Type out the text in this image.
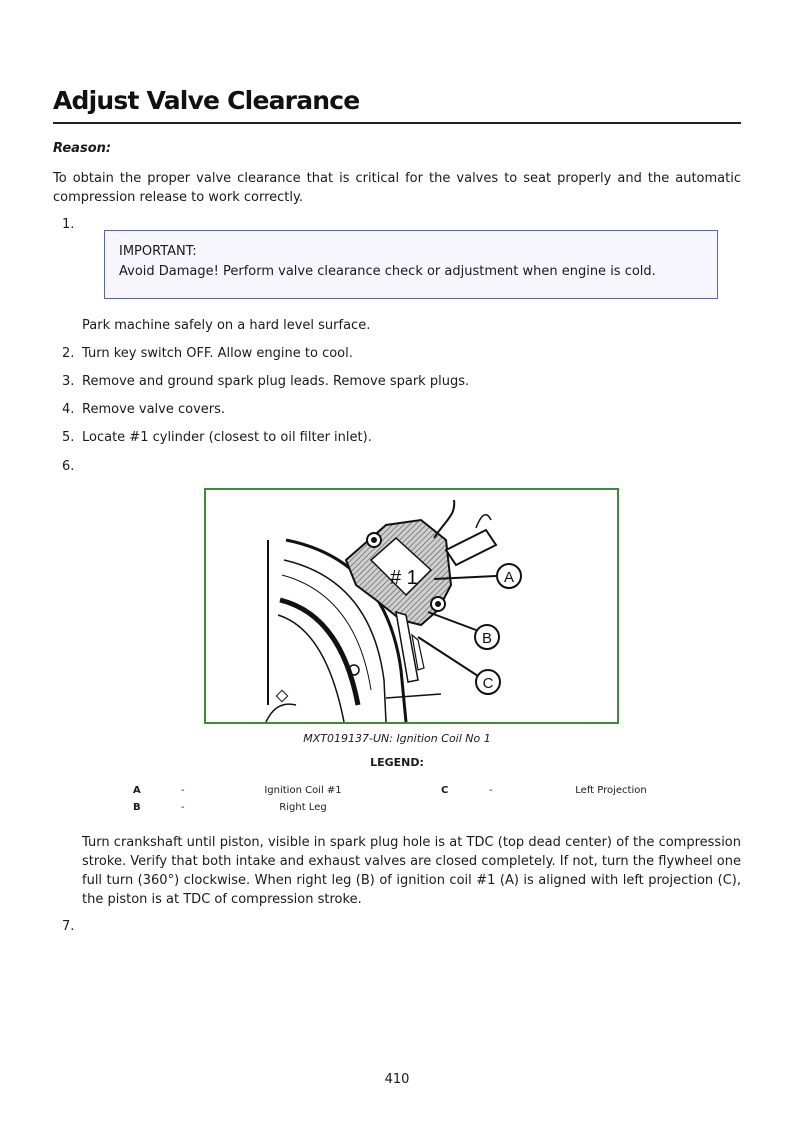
Adjust Valve Clearance
Reason:

To obtain the proper valve clearance that is critical for the valves to seat properly and the automatic compression release to work correctly.

1.
IMPORTANT:
Avoid Damage! Perform valve clearance check or adjustment when engine is cold.
Park machine safely on a hard level surface.
2. Turn key switch OFF. Allow engine to cool.
3. Remove and ground spark plug leads. Remove spark plugs.
4. Remove valve covers.
5. Locate #1 cylinder (closest to oil filter inlet).
6.
# 1	A
B
C
MXT019137-UN: Ignition Coil No 1
LEGEND:
A	-	Ignition Coil #1
B	-	Right Leg
C	-	Left Projection

Turn crankshaft until piston, visible in spark plug hole is at TDC (top dead center) of the compression stroke. Verify that both intake and exhaust valves are closed completely. If not, turn the flywheel one full turn (360°) clockwise. When right leg (B) of ignition coil #1 (A) is aligned with left projection (C), the piston is at TDC of compression stroke.

7.
410
